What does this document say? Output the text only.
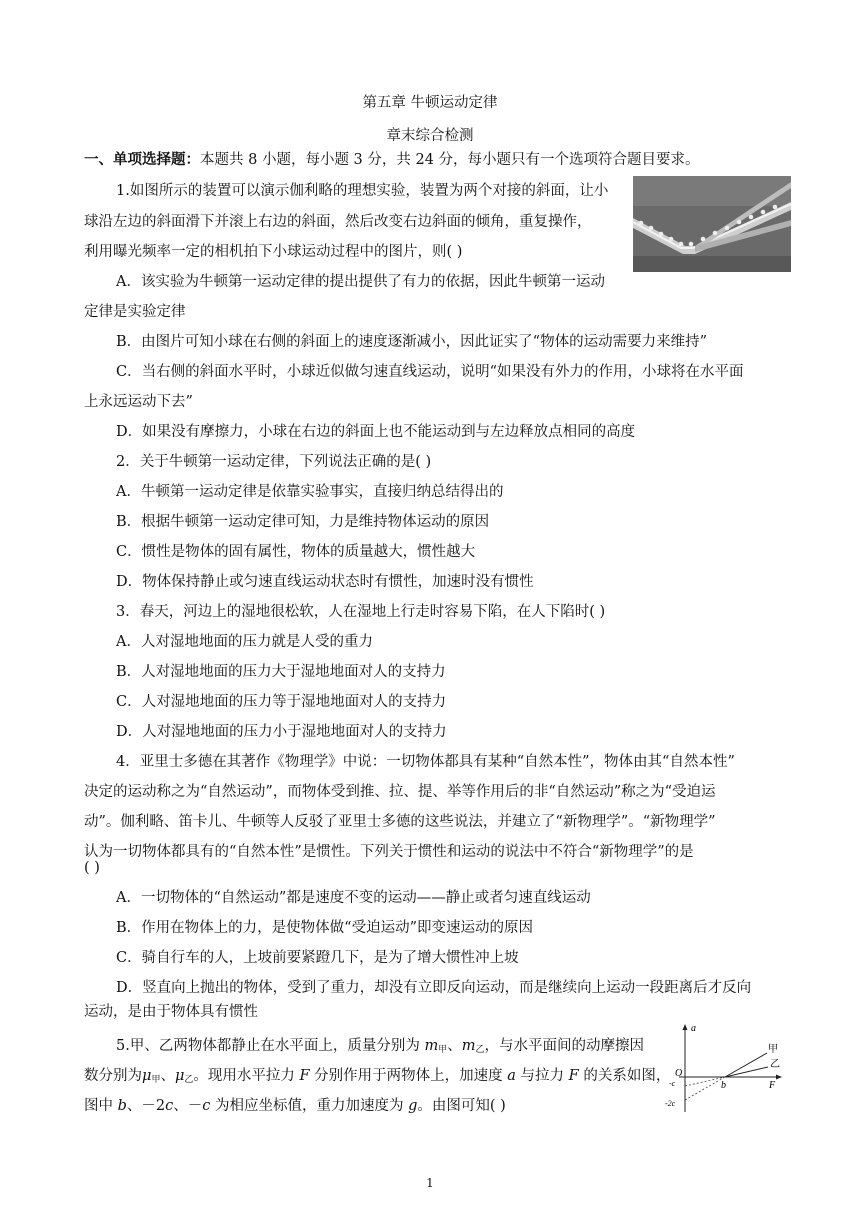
第五章 牛顿运动定律
章末综合检测
一、单项选择题：本题共 8 小题，每小题 3 分，共 24 分，每小题只有一个选项符合题目要求。
1.如图所示的装置可以演示伽利略的理想实验，装置为两个对接的斜面，让小
球沿左边的斜面滑下并滚上右边的斜面，然后改变右边斜面的倾角，重复操作，
利用曝光频率一定的相机拍下小球运动过程中的图片，则( )
A．该实验为牛顿第一运动定律的提出提供了有力的依据，因此牛顿第一运动
定律是实验定律
B．由图片可知小球在右侧的斜面上的速度逐渐减小，因此证实了“物体的运动需要力来维持”
C．当右侧的斜面水平时，小球近似做匀速直线运动，说明“如果没有外力的作用，小球将在水平面
上永远运动下去”
D．如果没有摩擦力，小球在右边的斜面上也不能运动到与左边释放点相同的高度
2．关于牛顿第一运动定律，下列说法正确的是( )
A．牛顿第一运动定律是依靠实验事实，直接归纳总结得出的
B．根据牛顿第一运动定律可知，力是维持物体运动的原因
C．惯性是物体的固有属性，物体的质量越大，惯性越大
D．物体保持静止或匀速直线运动状态时有惯性，加速时没有惯性
3．春天，河边上的湿地很松软，人在湿地上行走时容易下陷，在人下陷时( )
A．人对湿地地面的压力就是人受的重力
B．人对湿地地面的压力大于湿地地面对人的支持力
C．人对湿地地面的压力等于湿地地面对人的支持力
D．人对湿地地面的压力小于湿地地面对人的支持力
4．亚里士多德在其著作《物理学》中说：一切物体都具有某种“自然本性”，物体由其“自然本性”
决定的运动称之为“自然运动”，而物体受到推、拉、提、举等作用后的非“自然运动”称之为“受迫运
动”。伽利略、笛卡儿、牛顿等人反驳了亚里士多德的这些说法，并建立了“新物理学”。“新物理学”
认为一切物体都具有的“自然本性”是惯性。下列关于惯性和运动的说法中不符合“新物理学”的是
( )
A．一切物体的“自然运动”都是速度不变的运动——静止或者匀速直线运动
B．作用在物体上的力，是使物体做“受迫运动”即变速运动的原因
C．骑自行车的人，上坡前要紧蹬几下，是为了增大惯性冲上坡
D．竖直向上抛出的物体，受到了重力，却没有立即反向运动，而是继续向上运动一段距离后才反向
运动，是由于物体具有惯性
5.甲、乙两物体都静止在水平面上，质量分别为 $m_甲$、$m_乙$，与水平面间的动摩擦因
数分别为$\mu_甲$、$\mu_乙$。现用水平拉力 F 分别作用于两物体上，加速度 a 与拉力 F 的关系如图，
图中 b、－2c、－c 为相应坐标值，重力加速度为 g。由图可知( )
a
F
O
b
-c
-2c
甲
乙
1
